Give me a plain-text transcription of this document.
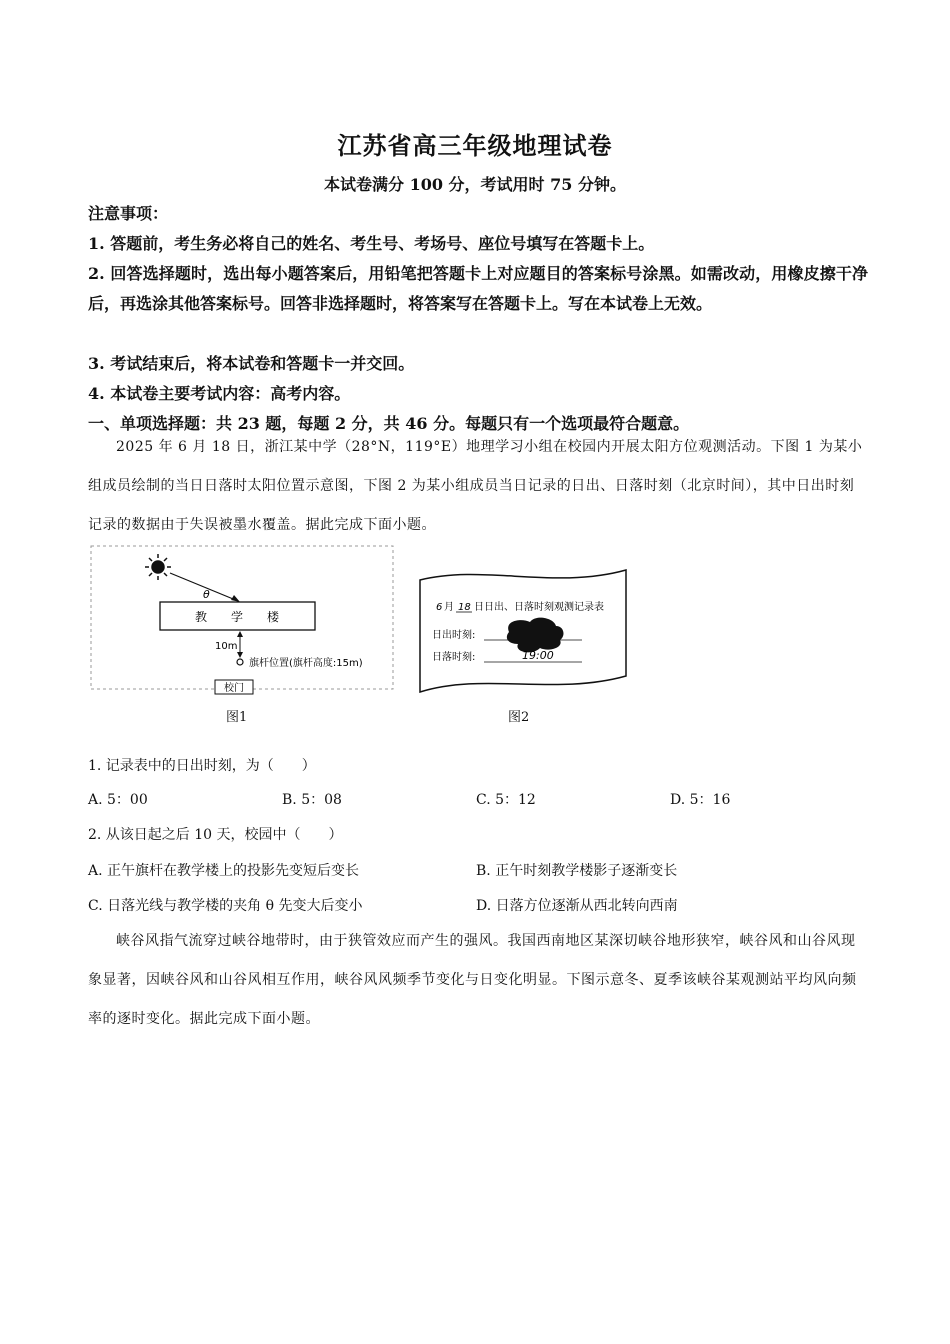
江苏省高三年级地理试卷
本试卷满分 100 分，考试用时 75 分钟。
注意事项：
1. 答题前，考生务必将自己的姓名、考生号、考场号、座位号填写在答题卡上。
2. 回答选择题时，选出每小题答案后，用铅笔把答题卡上对应题目的答案标号涂黑。如需改动，用橡皮擦干净后，再选涂其他答案标号。回答非选择题时，将答案写在答题卡上。写在本试卷上无效。
3. 考试结束后，将本试卷和答题卡一并交回。
4. 本试卷主要考试内容：高考内容。
一、单项选择题：共 23 题，每题 2 分，共 46 分。每题只有一个选项最符合题意。
2025 年 6 月 18 日，浙江某中学（28°N，119°E）地理学习小组在校园内开展太阳方位观测活动。下图 1 为某小组成员绘制的当日日落时太阳位置示意图，下图 2 为某小组成员当日记录的日出、日落时刻（北京时间），其中日出时刻记录的数据由于失误被墨水覆盖。据此完成下面小题。
θ
教　　学　　楼
10m
旗杆位置(旗杆高度:15m)
校门
图1
6 月 18 日日出、日落时刻观测记录表
日出时刻:
日落时刻:	19:00
图2
1. 记录表中的日出时刻，为（　　）
A. 5：00	B. 5：08	C. 5：12	D. 5：16
2. 从该日起之后 10 天，校园中（　　）
A. 正午旗杆在教学楼上的投影先变短后变长	B. 正午时刻教学楼影子逐渐变长
C. 日落光线与教学楼的夹角 θ 先变大后变小	D. 日落方位逐渐从西北转向西南
峡谷风指气流穿过峡谷地带时，由于狭管效应而产生的强风。我国西南地区某深切峡谷地形狭窄，峡谷风和山谷风现象显著，因峡谷风和山谷风相互作用，峡谷风风频季节变化与日变化明显。下图示意冬、夏季该峡谷某观测站平均风向频率的逐时变化。据此完成下面小题。
